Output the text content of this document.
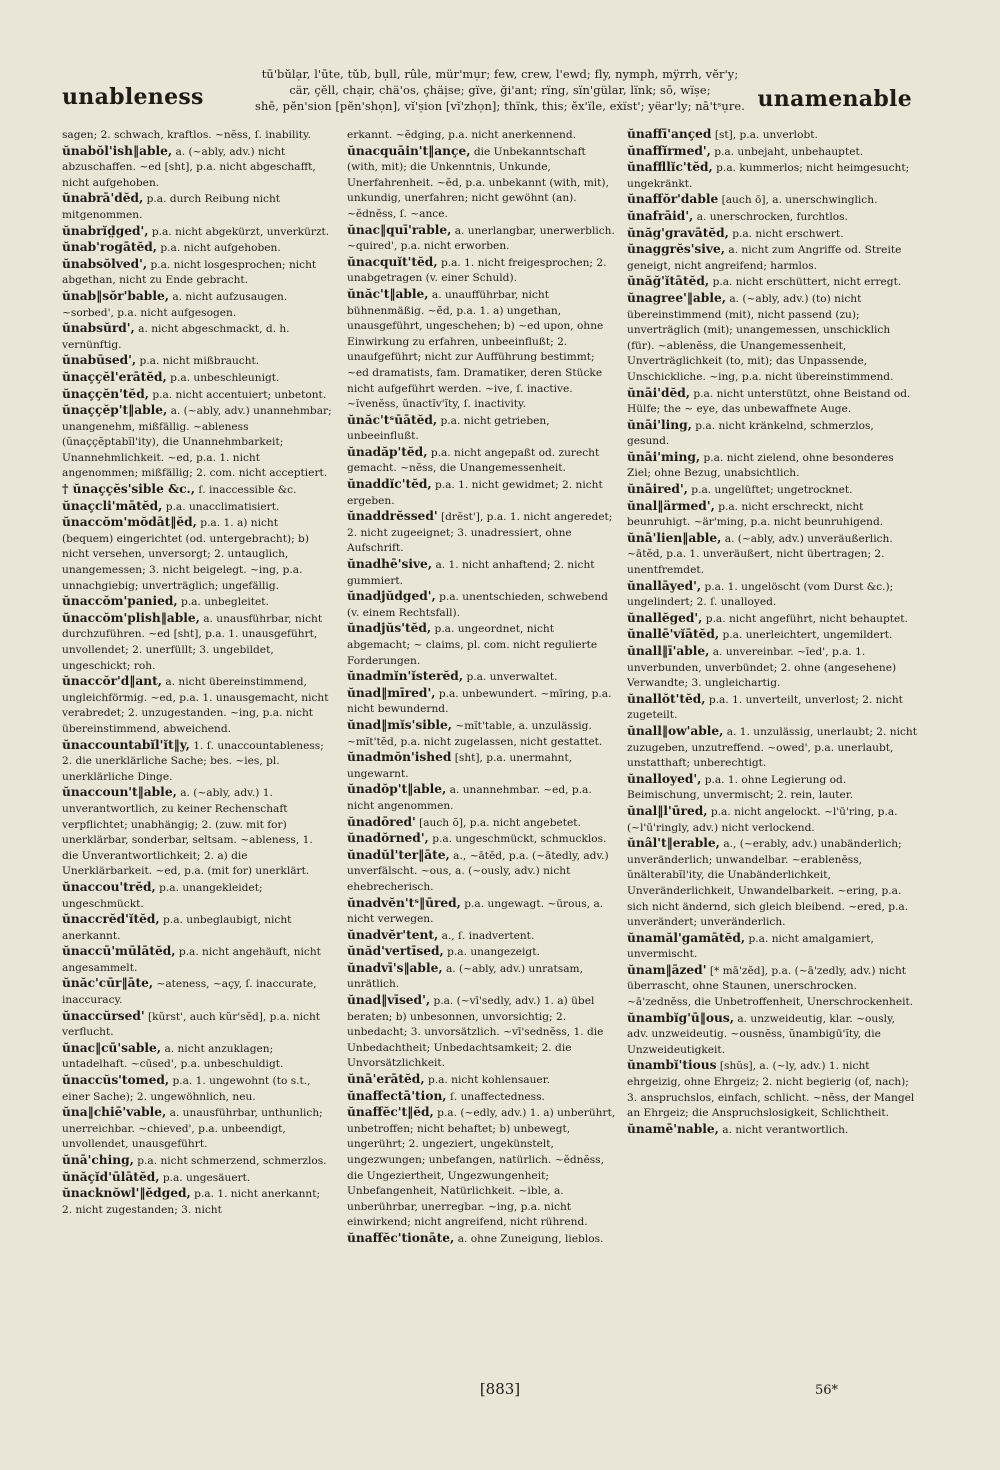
unableness
tū'bŭlạr, l'ūte, tŭb, bụll, rûle, mür'mụr; few, crew, l'ewd; fly, nymph, mÿrrh, vĕr'y;
cär, çĕll, chạir, chä'os, çhäịse; gïve, ği'ant; rïng, sïn'gülar, lïnk; sō, wïṣe;
shē, pĕn'sion [pĕn'shọn], vĭ'ṣion [vĭ'zhọn]; thïnk, this; ĕx'ïle, eẋïst'; yëar'ly; nā'tˢụre. unamenable
sagen; 2. schwach, kraftlos. ~nĕss, ſ. inability.
ŭnabŏl'ish‖able, a. (~ably, adv.) nicht abzuschaffen. ~ed [sht], p.a. nicht abgeschafft, nicht aufgehoben.
ŭnabrā'dĕd, p.a. durch Reibung nicht mitgenommen.
ŭnabrĭd̤ged', p.a. nicht abgekürzt, unverkürzt.
ŭnab'rogātĕd, p.a. nicht aufgehoben.
ŭnabsŏlved', p.a. nicht losgesprochen; nicht abgethan, nicht zu Ende gebracht.
ŭnab‖sŏr'bable, a. nicht aufzusaugen. ~sorbed', p.a. nicht aufgesogen.
ŭnabsŭrd', a. nicht abgeschmackt, d. h. vernünftig.
ŭnabūsed', p.a. nicht mißbraucht.
ŭnaççĕl'erātĕd, p.a. unbeschleunigt.
ŭnaççĕn'tĕd, p.a. nicht accentuiert; unbetont.
ŭnaççĕp't‖able, a. (~ably, adv.) unannehmbar; unangenehm, mißfällig. ~ableness (ŭnaççĕptabĭl'ity), die Unannehmbarkeit; Unannehmlichkeit. ~ed, p.a. 1. nicht angenommen; mißfällig; 2. com. nicht acceptiert.
† ŭnaççĕs'sible &c., ſ. inaccessible &c.
ŭnaçcli'mātĕd, p.a. unacclimatisiert.
ŭnaccŏm'mŏdāt‖ĕd, p.a. 1. a) nicht (bequem) eingerichtet (od. untergebracht); b) nicht versehen, unversorgt; 2. untauglich, unangemessen; 3. nicht beigelegt. ~ing, p.a. unnachgiebig; unverträglich; ungefällig.
ŭnaccŏm'panied, p.a. unbegleitet.
ŭnaccŏm'plish‖able, a. unausführbar, nicht durchzuführen. ~ed [sht], p.a. 1. unausgeführt, unvollendet; 2. unerfüllt; 3. ungebildet, ungeschickt; roh.
ŭnaccŏr'd‖ant, a. nicht übereinstimmend, ungleichförmig. ~ed, p.a. 1. unausgemacht, nicht verabredet; 2. unzugestanden. ~ing, p.a. nicht übereinstimmend, abweichend.
ŭnaccountabĭl'ĭt‖y, 1. ſ. unaccountableness; 2. die unerklärliche Sache; bes. ~ies, pl. unerklärliche Dinge.
ŭnaccoun't‖able, a. (~ably, adv.) 1. unverantwortlich, zu keiner Rechenschaft verpflichtet; unabhängig; 2. (zuw. mit for) unerklärbar, sonderbar, seltsam. ~ableness, 1. die Unverantwortlichkeit; 2. a) die Unerklärbarkeit. ~ed, p.a. (mit for) unerklärt.
ŭnaccou'trĕd, p.a. unangekleidet; ungeschmückt.
ŭnaccrĕd'ĭtĕd, p.a. unbeglaubigt, nicht anerkannt.
ŭnaccū'mūlātĕd, p.a. nicht angehäuft, nicht angesammelt.
ŭnăc'cūr‖āte, ~ateness, ~açy, ſ. inaccurate, inaccuracy.
ŭnaccŭrsed' [kŭrst', auch kŭr'sĕd], p.a. nicht verflucht.
ŭnac‖cū'sable, a. nicht anzuklagen; untadelhaft. ~cūsed', p.a. unbeschuldigt.
ŭnaccŭs'tomed, p.a. 1. ungewohnt (to s.t., einer Sache); 2. ungewöhnlich, neu.
ŭna‖chiē'vable, a. unausführbar, unthunlich; unerreichbar. ~chieved', p.a. unbeendigt, unvollendet, unausgeführt.
ŭnā'ching, p.a. nicht schmerzend, schmerzlos.
ŭnăçĭd'ūlātĕd, p.a. ungesäuert.
ŭnacknŏwl'‖ĕdged, p.a. 1. nicht anerkannt; 2. nicht zugestanden; 3. nicht
erkannt. ~ĕdging, p.a. nicht anerkennend.
ŭnacquāin't‖ançe, die Unbekanntschaft (with, mit); die Unkenntnis, Unkunde, Unerfahrenheit. ~ĕd, p.a. unbekannt (with, mit), unkundig, unerfahren; nicht gewöhnt (an). ~ĕdnĕss, ſ. ~ance.
ŭnac‖quī'rable, a. unerlangbar, unerwerblich. ~quired', p.a. nicht erworben.
ŭnacquĭt'tĕd, p.a. 1. nicht freigesprochen; 2. unabgetragen (v. einer Schuld).
ŭnăc't‖able, a. unaufführbar, nicht bühnenmäßig. ~ĕd, p.a. 1. a) ungethan, unausgeführt, ungeschehen; b) ~ed upon, ohne Einwirkung zu erfahren, unbeeinflußt; 2. unaufgeführt; nicht zur Aufführung bestimmt; ~ed dramatists, fam. Dramatiker, deren Stücke nicht aufgeführt werden. ~ive, ſ. inactive. ~ĭvenĕss, ŭnactĭv'ĭty, ſ. inactivity.
ŭnăc'tˢūātĕd, p.a. nicht getrieben, unbeeinflußt.
ŭnadăp'tĕd, p.a. nicht angepaßt od. zurecht gemacht. ~nĕss, die Unangemessenheit.
ŭnaddĭc'tĕd, p.a. 1. nicht gewidmet; 2. nicht ergeben.
ŭnaddrĕssed' [drĕst'], p.a. 1. nicht angeredet; 2. nicht zugeeignet; 3. unadressiert, ohne Aufschrift.
ŭnadhē'sive, a. 1. nicht anhaftend; 2. nicht gummiert.
ŭnadjŭdged', p.a. unentschieden, schwebend (v. einem Rechtsfall).
ŭnadjŭs'tĕd, p.a. ungeordnet, nicht abgemacht; ~ claims, pl. com. nicht regulierte Forderungen.
ŭnadmĭn'ĭsterĕd, p.a. unverwaltet.
ŭnad‖mīred', p.a. unbewundert. ~mīring, p.a. nicht bewundernd.
ŭnad‖mĭs'sible, ~mĭt'table, a. unzulässig. ~mĭt'tĕd, p.a. nicht zugelassen, nicht gestattet.
ŭnadmŏn'ished [sht], p.a. unermahnt, ungewarnt.
ŭnadŏp't‖able, a. unannehmbar. ~ed, p.a. nicht angenommen.
ŭnadōred' [auch ŏ], p.a. nicht angebetet.
ŭnadŏrned', p.a. ungeschmückt, schmucklos.
ŭnadŭl'ter‖āte, a., ~ātĕd, p.a. (~ātedly, adv.) unverfälscht. ~ous, a. (~ously, adv.) nicht ehebrecherisch.
ŭnadvĕn'tˢ‖ūred, p.a. ungewagt. ~ūrous, a. nicht verwegen.
ŭnadvĕr'tent, a., ſ. inadvertent.
ŭnăd'vertīsed, p.a. unangezeigt.
ŭnadvī's‖able, a. (~ably, adv.) unratsam, unrätlich.
ŭnad‖vīsed', p.a. (~vī'sedly, adv.) 1. a) übel beraten; b) unbesonnen, unvorsichtig; 2. unbedacht; 3. unvorsätzlich. ~vī'sednĕss, 1. die Unbedachtheit; Unbedachtsamkeit; 2. die Unvorsätzlichkeit.
ŭnā'erātĕd, p.a. nicht kohlensauer.
ŭnaffectā'tion, ſ. unaffectedness.
ŭnaffĕc't‖ĕd, p.a. (~edly, adv.) 1. a) unberührt, unbetroffen; nicht behaftet; b) unbewegt, ungerührt; 2. ungeziert, ungekünstelt, ungezwungen; unbefangen, natürlich. ~ĕdnĕss, die Ungeziertheit, Ungezwungenheit; Unbefangenheit, Natürlichkeit. ~ible, a. unberührbar, unerregbar. ~ing, p.a. nicht einwirkend; nicht angreifend, nicht rührend.
ŭnaffĕc'tionāte, a. ohne Zuneigung, lieblos.
ŭnaffī'ançed [st], p.a. unverlobt.
ŭnaffĭrmed', p.a. unbejaht, unbehauptet.
ŭnaffllĭc'tĕd, p.a. kummerlos; nicht heimgesucht; ungekränkt.
ŭnaffŏr'dable [auch ō], a. unerschwinglich.
ŭnafrāid', a. unerschrocken, furchtlos.
ŭnăg'gravātĕd, p.a. nicht erschwert.
ŭnaggrĕs'sive, a. nicht zum Angriffe od. Streite geneigt, nicht angreifend; harmlos.
ŭnăğ'ĭtātĕd, p.a. nicht erschüttert, nicht erregt.
ŭnagree'‖able, a. (~ably, adv.) (to) nicht übereinstimmend (mit), nicht passend (zu); unverträglich (mit); unangemessen, unschicklich (für). ~ablenĕss, die Unangemessenheit, Unverträglichkeit (to, mit); das Unpassende, Unschickliche. ~ing, p.a. nicht übereinstimmend.
ŭnāi'dĕd, p.a. nicht unterstützt, ohne Beistand od. Hülfe; the ~ eye, das unbewaffnete Auge.
ŭnāi'ling, p.a. nicht kränkelnd, schmerzlos, gesund.
ŭnāi'ming, p.a. nicht zielend, ohne besonderes Ziel; ohne Bezug, unabsichtlich.
ŭnāired', p.a. ungelüftet; ungetrocknet.
ŭnal‖ärmed', p.a. nicht erschreckt, nicht beunruhigt. ~är'ming, p.a. nicht beunruhigend.
ŭnā'lien‖able, a. (~ably, adv.) unveräußerlich. ~ātĕd, p.a. 1. unveräußert, nicht übertragen; 2. unentfremdet.
ŭnallāyed', p.a. 1. ungelöscht (vom Durst &c.); ungelindert; 2. ſ. unalloyed.
ŭnallĕged', p.a. nicht angeführt, nicht behauptet.
ŭnallē'vĭātĕd, p.a. unerleichtert, ungemildert.
ŭnall‖ī'able, a. unvereinbar. ~īed', p.a. 1. unverbunden, unverbündet; 2. ohne (angesehene) Verwandte; 3. ungleichartig.
ŭnallŏt'tĕd, p.a. 1. unverteilt, unverlost; 2. nicht zugeteilt.
ŭnall‖ow'able, a. 1. unzulässig, unerlaubt; 2. nicht zuzugeben, unzutreffend. ~owed', p.a. unerlaubt, unstatthaft; unberechtigt.
ŭnalloyed', p.a. 1. ohne Legierung od. Beimischung, unvermischt; 2. rein, lauter.
ŭnal‖l'ūred, p.a. nicht angelockt. ~l'ū'ring, p.a. (~l'ū'ringly, adv.) nicht verlockend.
ŭnâl't‖erable, a., (~erably, adv.) unabänderlich; unveränderlich; unwandelbar. ~erablenĕss, ŭnälterabĭl'ity, die Unabänderlichkeit, Unveränderlichkeit, Unwandelbarkeit. ~ering, p.a. sich nicht ändernd, sich gleich bleibend. ~ered, p.a. unverändert; unveränderlich.
ŭnamăl'gamātĕd, p.a. nicht amalgamiert, unvermischt.
ŭnam‖āzed' [* mā'zĕd], p.a. (~ā'zedly, adv.) nicht überrascht, ohne Staunen, unerschrocken. ~ā'zednĕss, die Unbetroffenheit, Unerschrockenheit.
ŭnambĭg'ū‖ous, a. unzweideutig, klar. ~ously, adv. unzweideutig. ~ousnĕss, ŭnambigū'ĭty, die Unzweideutigkeit.
ŭnambĭ'tious [shŭs], a. (~ly, adv.) 1. nicht ehrgeizig, ohne Ehrgeiz; 2. nicht begierig (of, nach); 3. anspruchslos, einfach, schlicht. ~nĕss, der Mangel an Ehrgeiz; die Anspruchslosigkeit, Schlichtheit.
ŭnamē'nable, a. nicht verantwortlich.
[883]	56*
